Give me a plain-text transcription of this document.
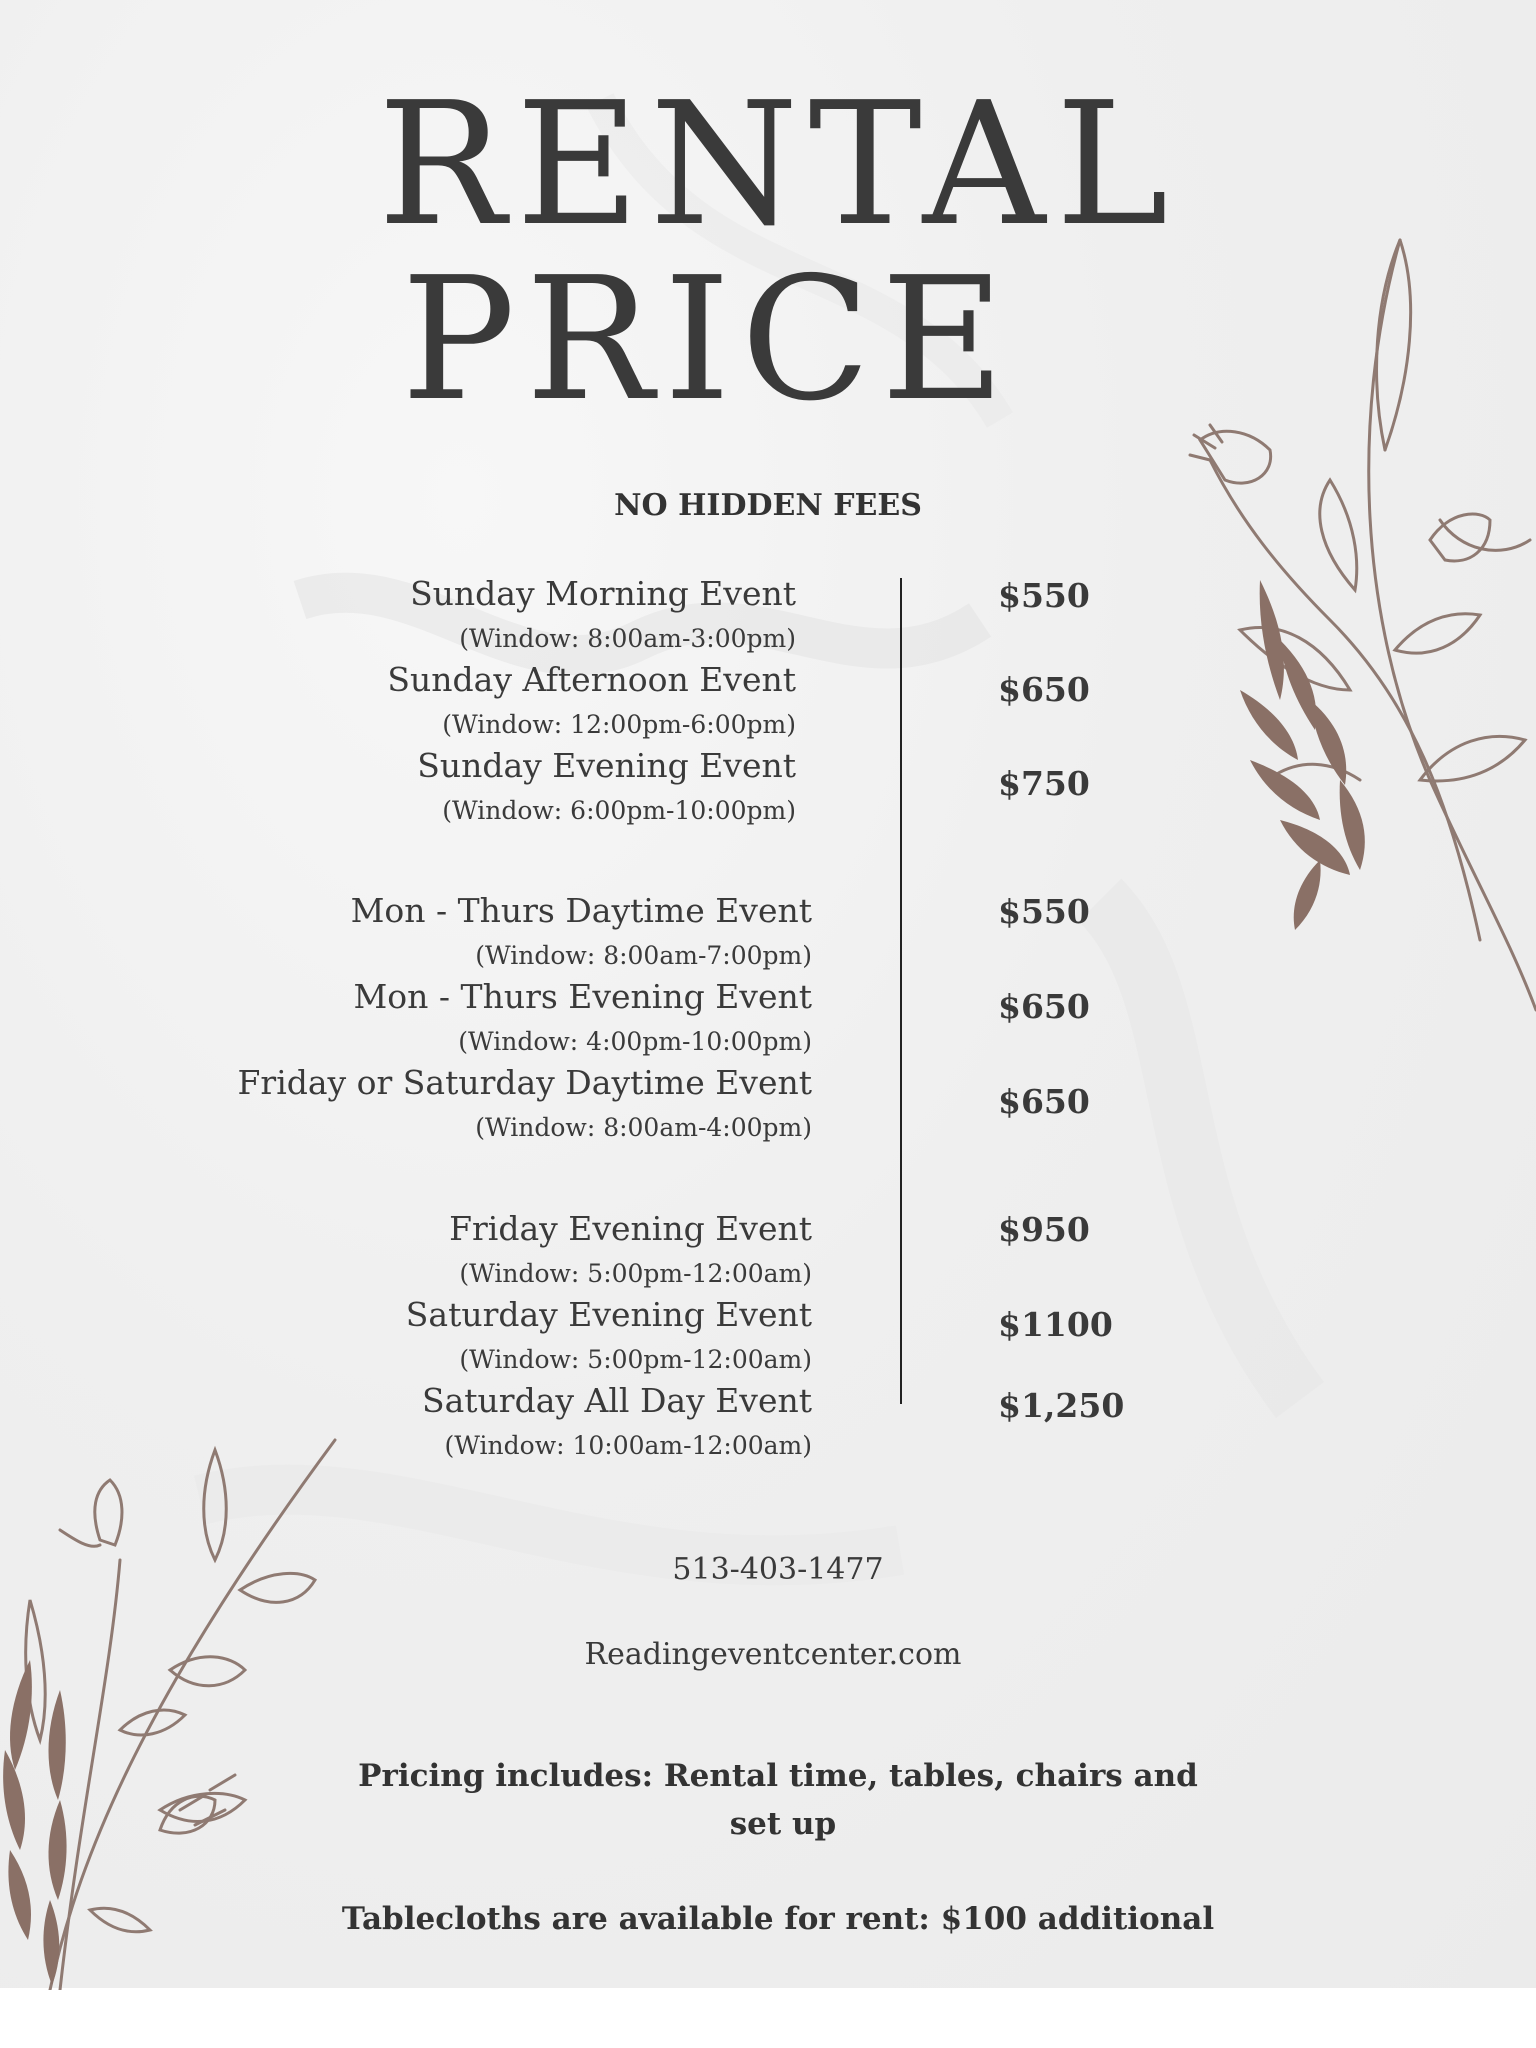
RENTAL
PRICE
NO HIDDEN FEES
Sunday Morning Event
(Window: 8:00am-3:00pm)
$550
Sunday Afternoon Event
(Window: 12:00pm-6:00pm)
$650
Sunday Evening Event
(Window: 6:00pm-10:00pm)
$750
Mon - Thurs Daytime Event
(Window: 8:00am-7:00pm)
$550
Mon - Thurs Evening Event
(Window: 4:00pm-10:00pm)
$650
Friday or Saturday Daytime Event
(Window: 8:00am-4:00pm)
$650
Friday Evening Event
(Window: 5:00pm-12:00am)
$950
Saturday Evening Event
(Window: 5:00pm-12:00am)
$1100
Saturday All Day Event
(Window: 10:00am-12:00am)
$1,250
513-403-1477
Readingeventcenter.com
Pricing includes: Rental time, tables, chairs and
set up
Tablecloths are available for rent: $100 additional
